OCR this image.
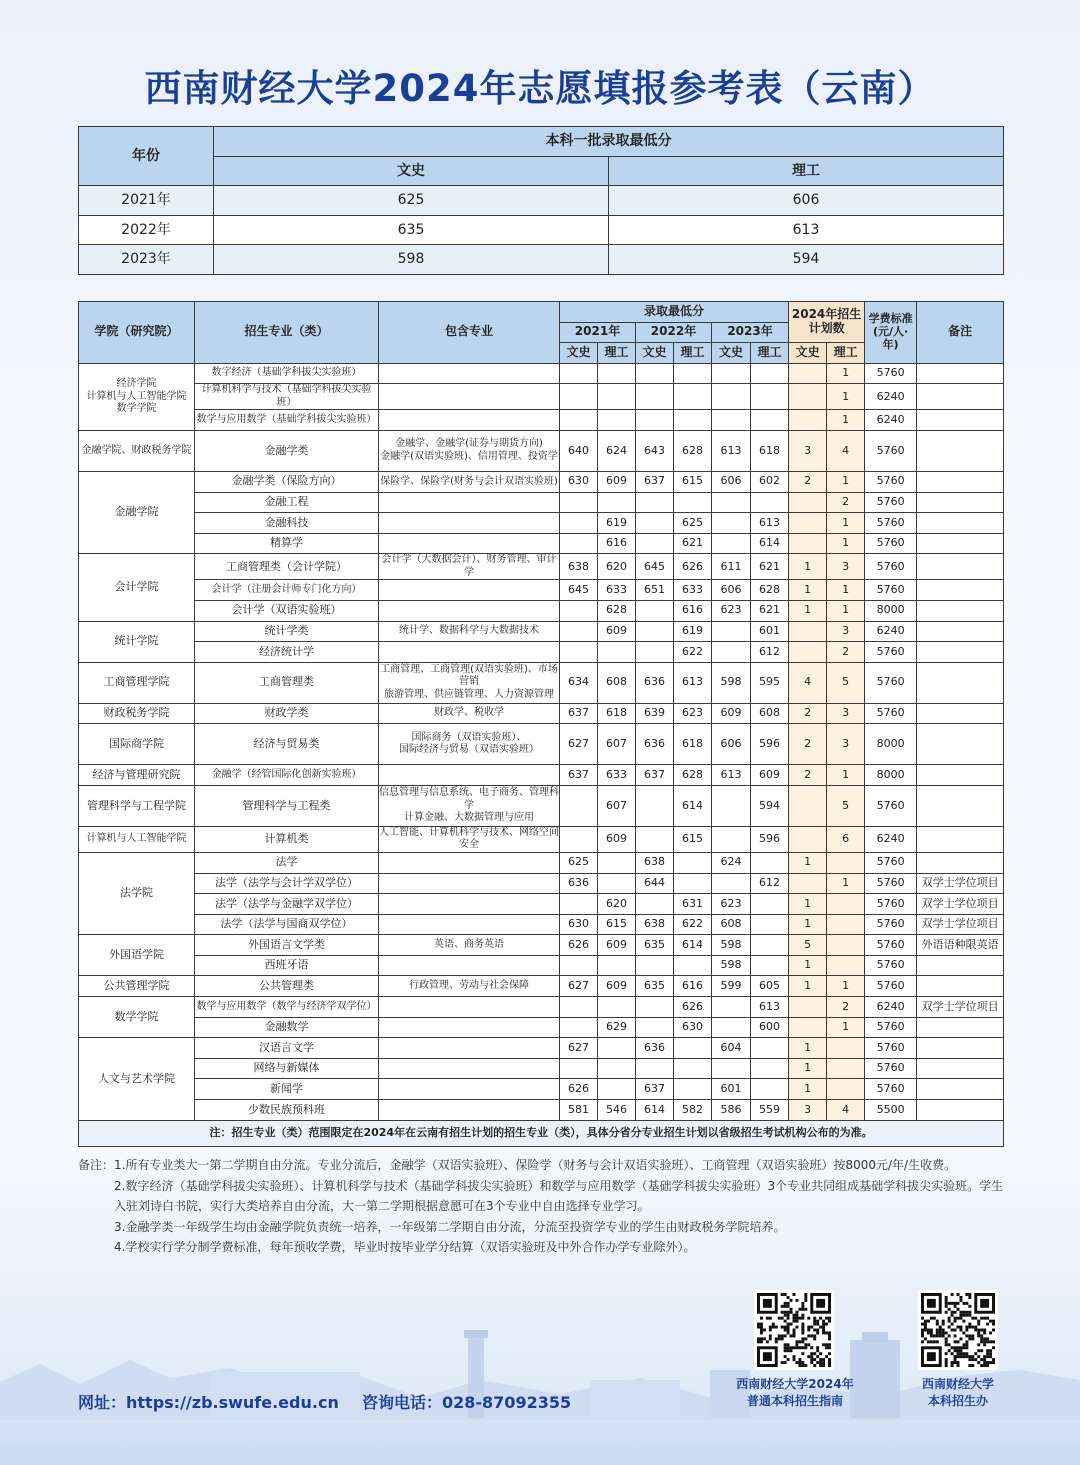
西南财经大学2024年志愿填报参考表（云南）
年份	本科一批录取最低分	
	文史	理工
2021年	625	606
2022年	635	613
2023年	598	594
学院（研究院）	招生专业（类）	包含专业	录取最低分						2024年招生计划数		学费标准(元/人·年)	备注
			2021年		2022年		2023年					
			文史	理工	文史	理工	文史	理工	文史	理工		
经济学院
计算机与人工智能学院
数学学院	数字经济（基础学科拔尖实验班）									1	5760	
	计算机科学与技术（基础学科拔尖实验班）									1	6240	
	数学与应用数学（基础学科拔尖实验班）									1	6240	
金融学院、财政税务学院	金融学类	金融学、金融学(证券与期货方向)
金融学(双语实验班)、信用管理、投资学	640	624	643	628	613	618	3	4	5760	
金融学院	金融学类（保险方向）	保险学、保险学(财务与会计双语实验班)	630	609	637	615	606	602	2	1	5760	
	金融工程									2	5760	
	金融科技			619		625		613		1	5760	
	精算学			616		621		614		1	5760	
会计学院	工商管理类（会计学院）	会计学（大数据会计）、财务管理、审计学	638	620	645	626	611	621	1	3	5760	
	会计学（注册会计师专门化方向）		645	633	651	633	606	628	1	1	5760	
	会计学（双语实验班）			628		616	623	621	1	1	8000	
统计学院	统计学类	统计学、数据科学与大数据技术		609		619		601		3	6240	
	经济统计学					622		612		2	5760	
工商管理学院	工商管理类	工商管理、工商管理(双语实验班)、市场营销
旅游管理、供应链管理、人力资源管理	634	608	636	613	598	595	4	5	5760	
财政税务学院	财政学类	财政学、税收学	637	618	639	623	609	608	2	3	5760	
国际商学院	经济与贸易类	国际商务（双语实验班）、
国际经济与贸易（双语实验班）	627	607	636	618	606	596	2	3	8000	
经济与管理研究院	金融学（经管国际化创新实验班）		637	633	637	628	613	609	2	1	8000	
管理科学与工程学院	管理科学与工程类	信息管理与信息系统、电子商务、管理科学
计算金融、大数据管理与应用		607		614		594		5	5760	
计算机与人工智能学院	计算机类	人工智能、计算机科学与技术、网络空间安全		609		615		596		6	6240	
法学院	法学		625		638		624		1		5760	
	法学（法学与会计学双学位）		636		644			612		1	5760	双学士学位项目
	法学（法学与金融学双学位）			620		631	623		1		5760	双学士学位项目
	法学（法学与国商双学位）		630	615	638	622	608		1		5760	双学士学位项目
外国语学院	外国语言文学类	英语、商务英语	626	609	635	614	598		5		5760	外语语种限英语
	西班牙语						598		1		5760	
公共管理学院	公共管理类	行政管理、劳动与社会保障	627	609	635	616	599	605	1	1	5760	
数学学院	数学与应用数学（数学与经济学双学位）					626		613		2	6240	双学士学位项目
	金融数学			629		630		600		1	5760	
人文与艺术学院	汉语言文学		627		636		604		1		5760	
	网络与新媒体								1		5760	
	新闻学		626		637		601		1		5760	
	少数民族预科班		581	546	614	582	586	559	3	4	5500	
注：招生专业（类）范围限定在2024年在云南有招生计划的招生专业（类），具体分省分专业招生计划以省级招生考试机构公布的为准。												
备注：1.所有专业类大一第二学期自由分流。专业分流后，金融学（双语实验班）、保险学（财务与会计双语实验班）、工商管理（双语实验班）按8000元/年/生收费。
2.数字经济（基础学科拔尖实验班）、计算机科学与技术（基础学科拔尖实验班）和数学与应用数学（基础学科拔尖实验班）3个专业共同组成基础学科拔尖实验班。学生入驻刘诗白书院，实行大类培养自由分流，大一第二学期根据意愿可在3个专业中自由选择专业学习。
3.金融学类一年级学生均由金融学院负责统一培养，一年级第二学期自由分流，分流至投资学专业的学生由财政税务学院培养。
4.学校实行学分制学费标准，每年预收学费，毕业时按毕业学分结算（双语实验班及中外合作办学专业除外）。
网址：https://zb.swufe.edu.cn 咨询电话：028-87092355
西南财经大学2024年
普通本科招生指南
西南财经大学
本科招生办
